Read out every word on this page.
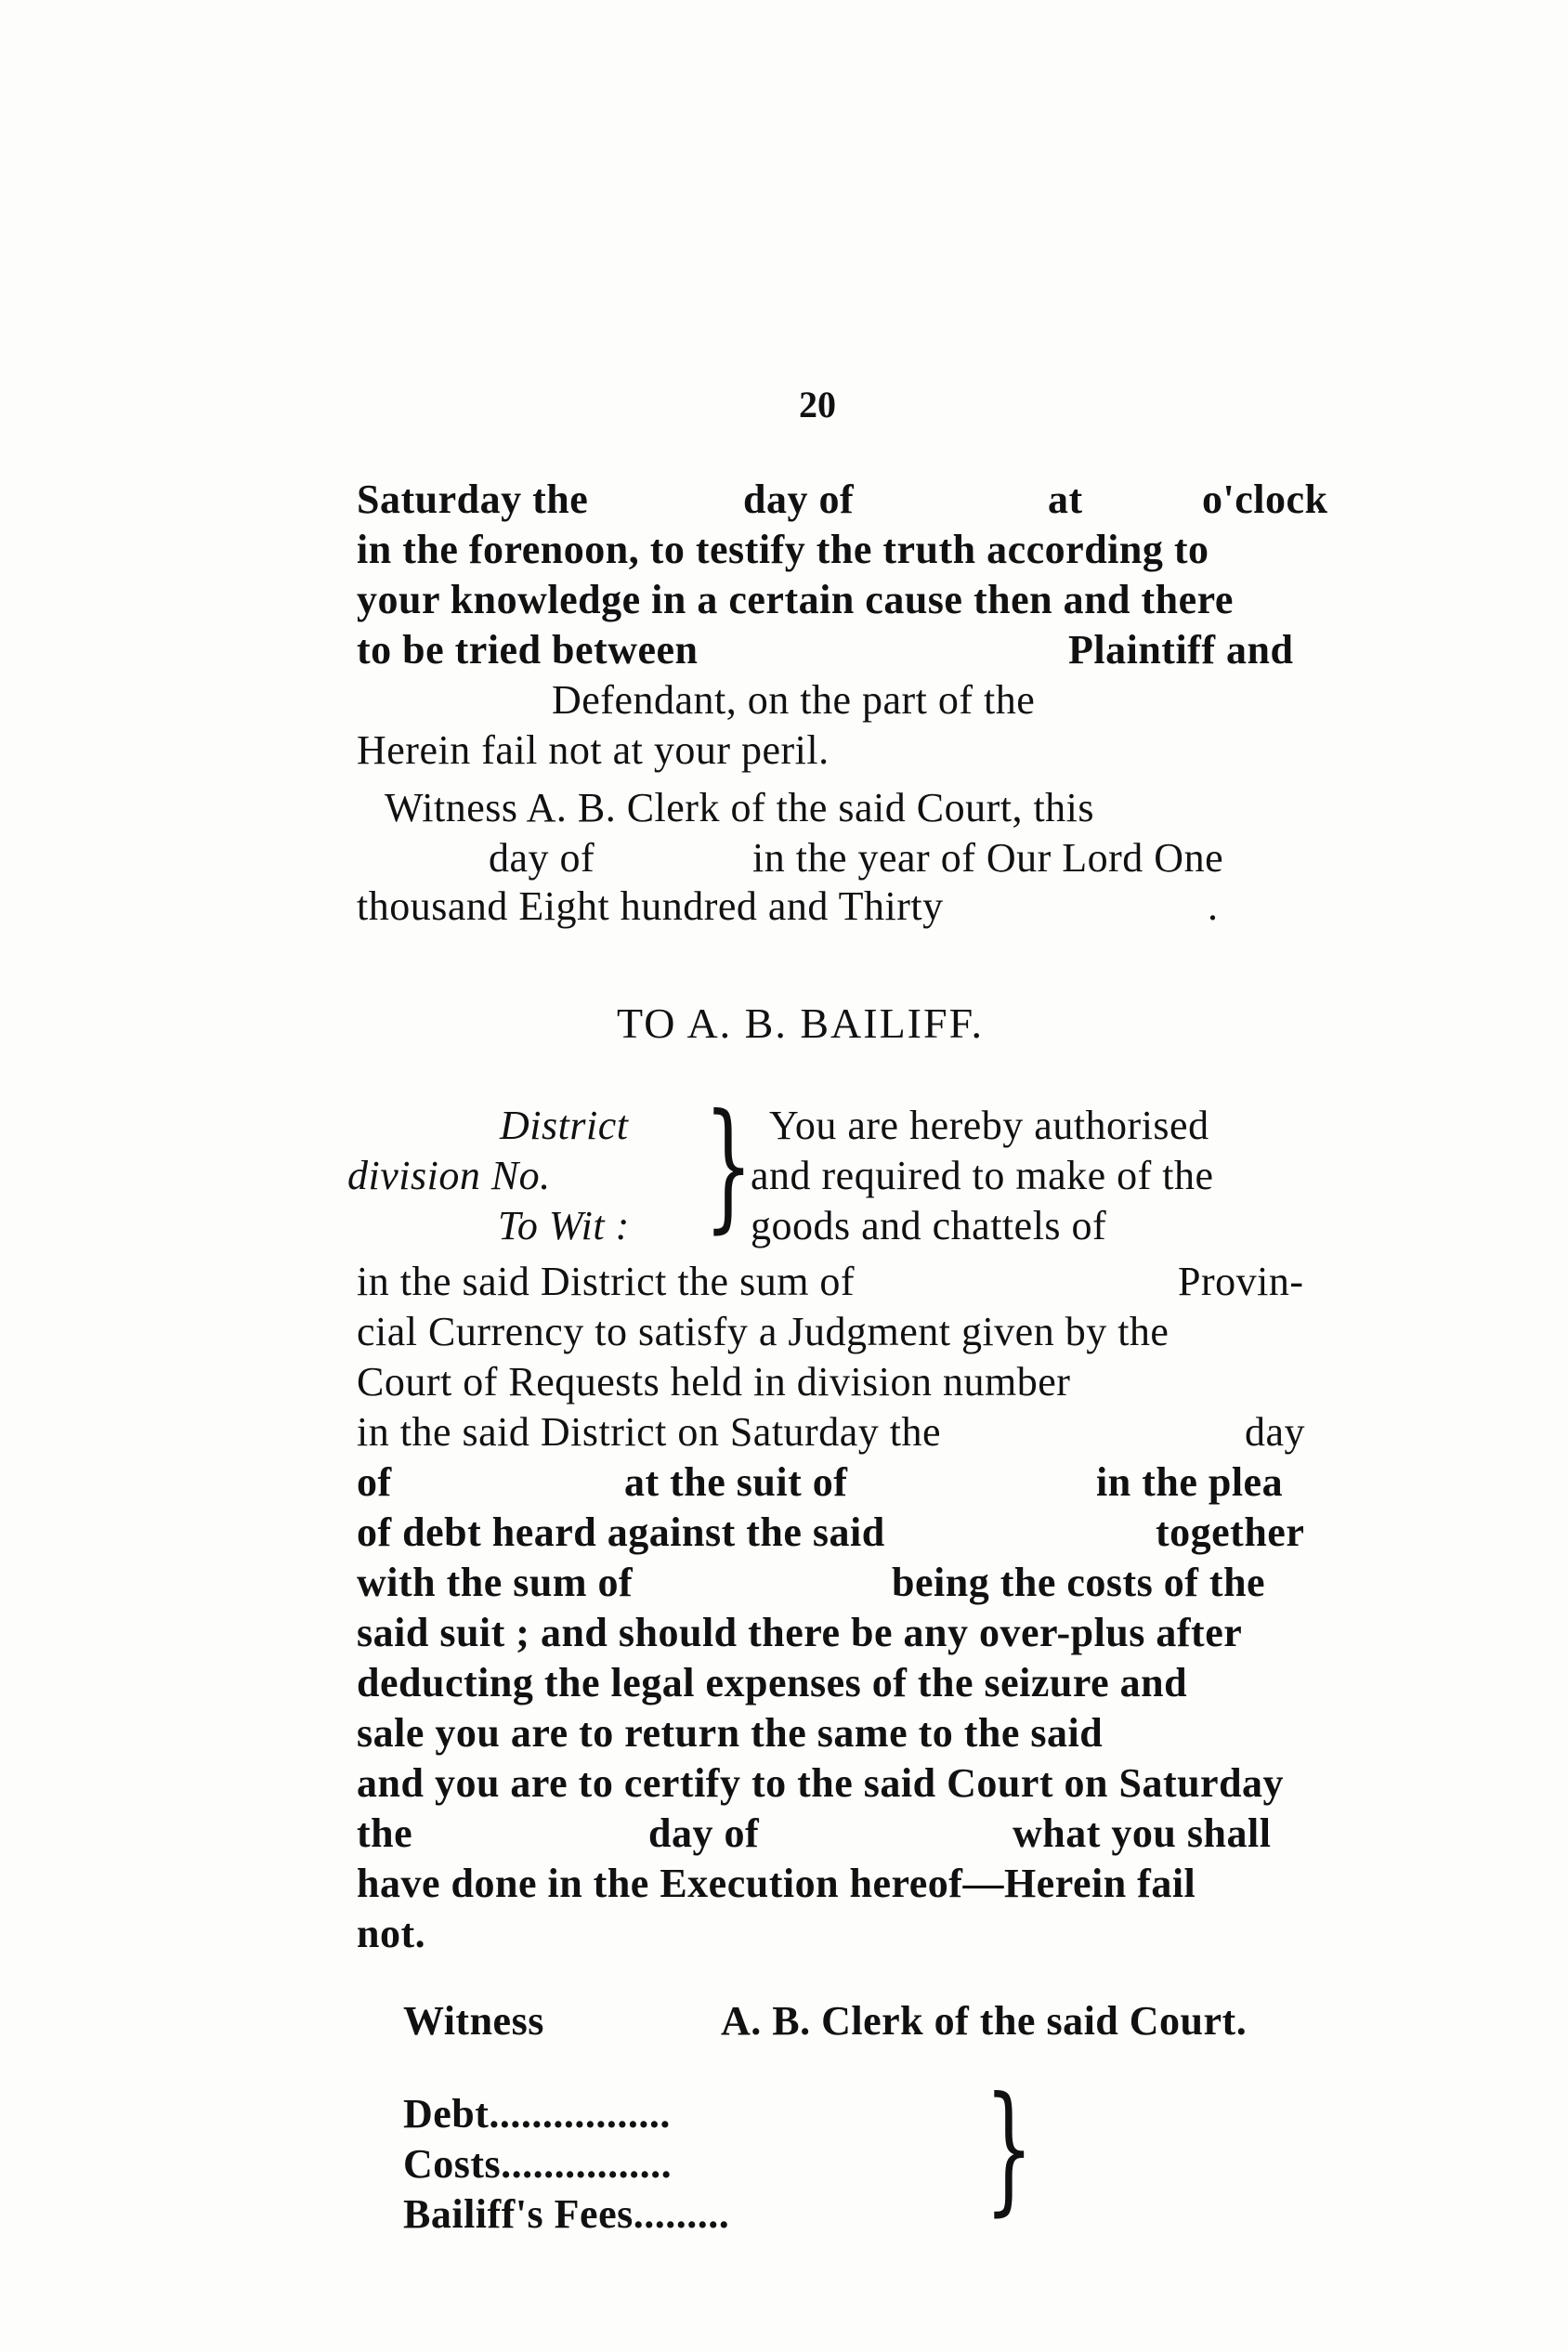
20
Saturday the	day of	at	o'clock
in the forenoon, to testify the truth according to
your knowledge in a certain cause then and there
to be tried between	Plaintiff and
Defendant, on the part of the
Herein fail not at your peril.
Witness A. B. Clerk of the said Court, this
day of	in the year of Our Lord One
thousand Eight hundred and Thirty	.
TO A. B. BAILIFF.
District
division No.
To Wit : } You are hereby authorised
and required to make of the
goods and chattels of
in the said District the sum of	Provin-
cial Currency to satisfy a Judgment given by the
Court of Requests held in division number
in the said District on Saturday the	day
of	at the suit of	in the plea
of debt heard against the said	together
with the sum of	being the costs of the
said suit ; and should there be any over-plus after
deducting the legal expenses of the seizure and
sale you are to return the same to the said
and you are to certify to the said Court on Saturday
the	day of	what you shall
have done in the Execution hereof—Herein fail
not.
Witness	A. B. Clerk of the said Court.
Debt.................
Costs................
Bailiff's Fees......... }
